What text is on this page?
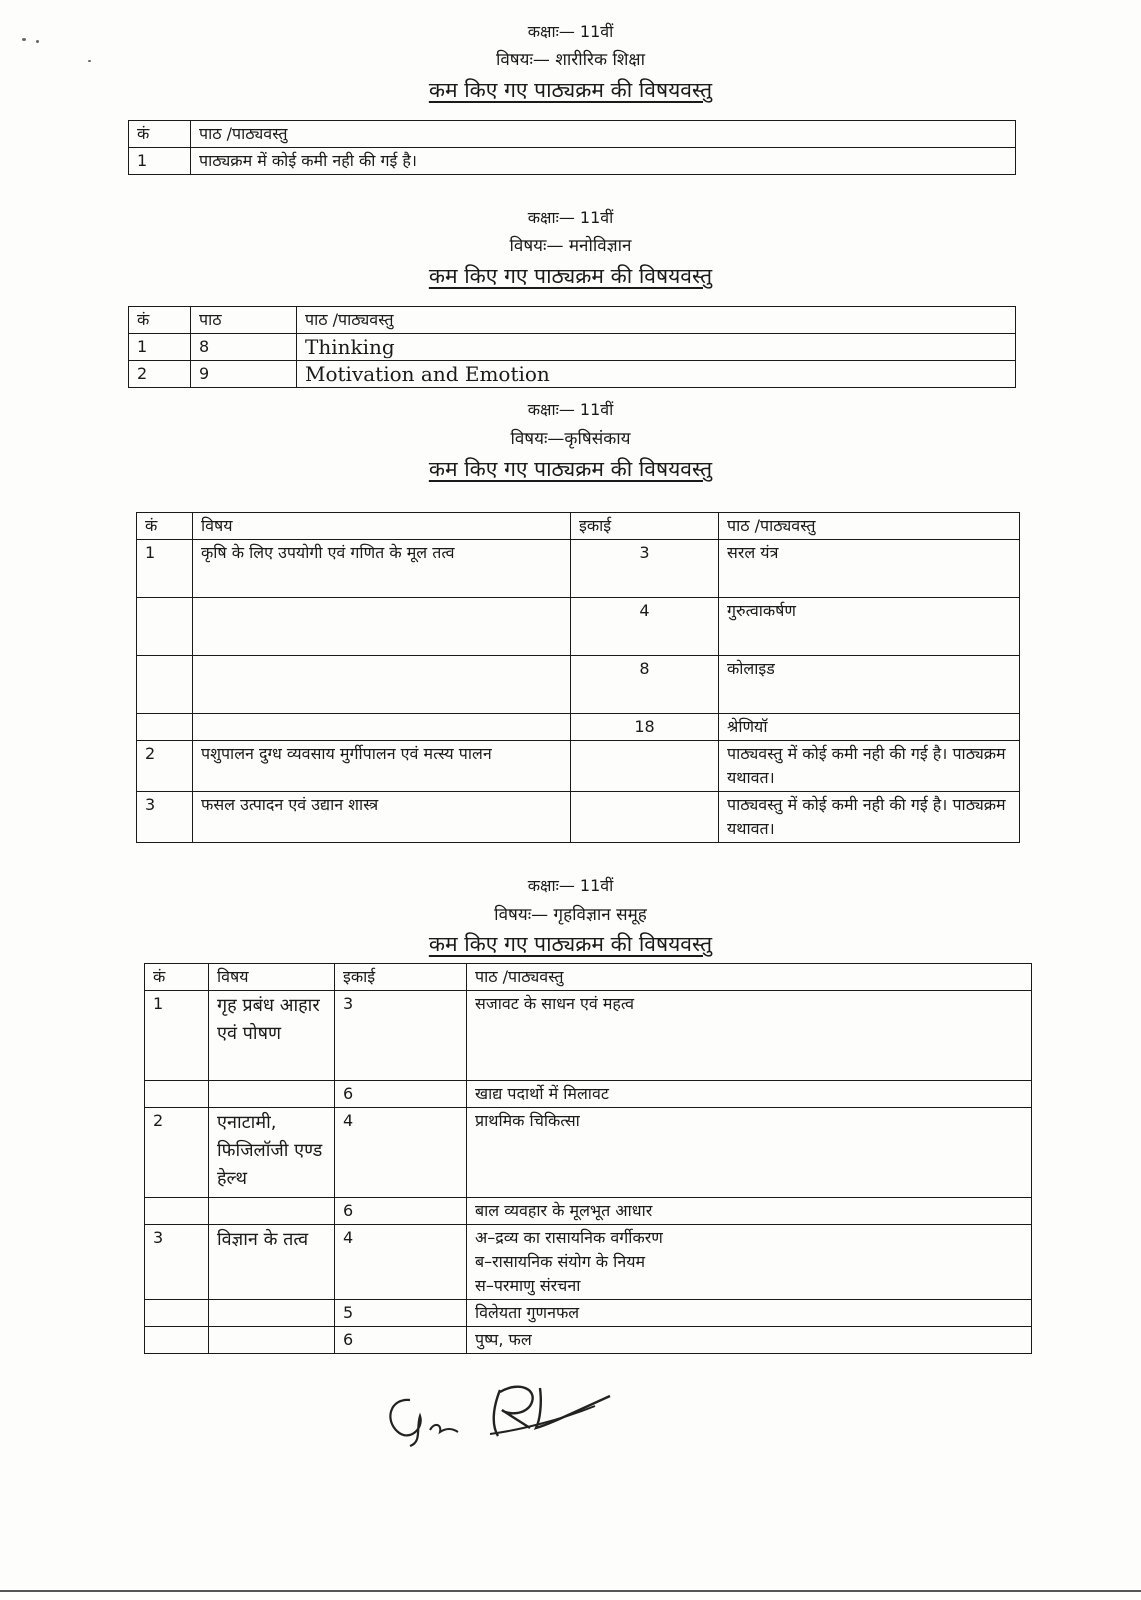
कक्षाः— 11वीं
विषयः— शारीरिक शिक्षा
कम किए गए पाठ्यक्रम की विषयवस्तु
कं	पाठ /पाठ्यवस्तु
1	पाठ्यक्रम में कोई कमी नही की गई है।
कक्षाः— 11वीं
विषयः— मनोविज्ञान
कम किए गए पाठ्यक्रम की विषयवस्तु
कं	पाठ	पाठ /पाठ्यवस्तु
1	8	Thinking
2	9	Motivation and Emotion
कक्षाः— 11वीं
विषयः—कृषिसंकाय
कम किए गए पाठ्यक्रम की विषयवस्तु
कं	विषय	इकाई	पाठ /पाठ्यवस्तु
1	कृषि के लिए उपयोगी एवं गणित के मूल तत्व	3	सरल यंत्र
		4	गुरुत्वाकर्षण
		8	कोलाइड
		18	श्रेणियॉ
2	पशुपालन दुग्ध व्यवसाय मुर्गीपालन एवं मत्स्य पालन		पाठ्यवस्तु में कोई कमी नही की गई है। पाठ्यक्रम यथावत।
3	फसल उत्पादन एवं उद्यान शास्त्र		पाठ्यवस्तु में कोई कमी नही की गई है। पाठ्यक्रम यथावत।
कक्षाः— 11वीं
विषयः— गृहविज्ञान समूह
कम किए गए पाठ्यक्रम की विषयवस्तु
कं	विषय	इकाई	पाठ /पाठ्यवस्तु
1	गृह प्रबंध आहार एवं पोषण	3	सजावट के साधन एवं महत्व
		6	खाद्य पदार्थो में मिलावट
2	एनाटामी, फिजिलॉजी एण्ड हेल्थ	4	प्राथमिक चिकित्सा
		6	बाल व्यवहार के मूलभूत आधार
3	विज्ञान के तत्व	4	अ–द्रव्य का रासायनिक वर्गीकरण
ब–रासायनिक संयोग के नियम
स–परमाणु संरचना
		5	विलेयता गुणनफल
		6	पुष्प, फल
